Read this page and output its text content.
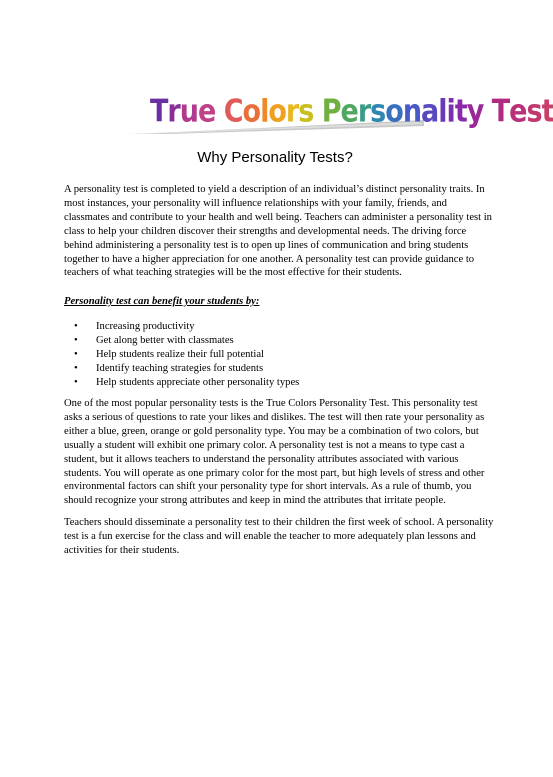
True Colors Personality Test
Why Personality Tests?
A personality test is completed to yield a description of an individual’s distinct personality traits. In most instances, your personality will influence relationships with your family, friends, and classmates and contribute to your health and well being. Teachers can administer a personality test in class to help your children discover their strengths and developmental needs. The driving force behind administering a personality test is to open up lines of communication and bring students together to have a higher appreciation for one another. A personality test can provide guidance to teachers of what teaching strategies will be the most effective for their students.
Personality test can benefit your students by:
• Increasing productivity
• Get along better with classmates
• Help students realize their full potential
• Identify teaching strategies for students
• Help students appreciate other personality types
One of the most popular personality tests is the True Colors Personality Test. This personality test asks a serious of questions to rate your likes and dislikes. The test will then rate your personality as either a blue, green, orange or gold personality type. You may be a combination of two colors, but usually a student will exhibit one primary color. A personality test is not a means to type cast a student, but it allows teachers to understand the personality attributes associated with various students. You will operate as one primary color for the most part, but high levels of stress and other environmental factors can shift your personality type for short intervals. As a rule of thumb, you should recognize your strong attributes and keep in mind the attributes that irritate people.
Teachers should disseminate a personality test to their children the first week of school. A personality test is a fun exercise for the class and will enable the teacher to more adequately plan lessons and activities for their students.
